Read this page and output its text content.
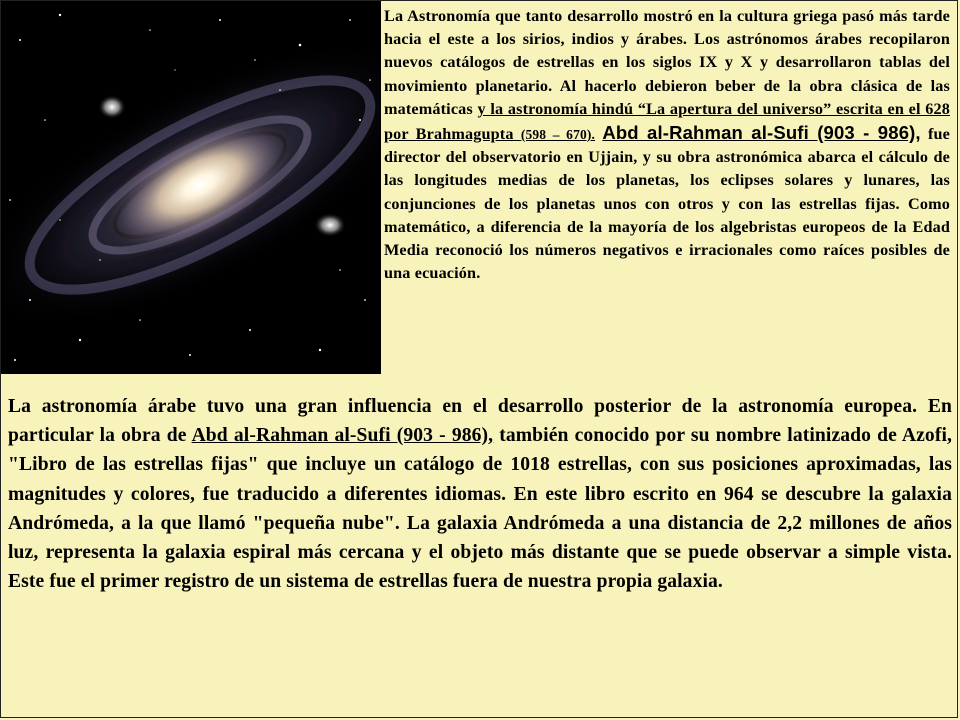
La Astronomía que tanto desarrollo mostró en la cultura griega pasó más tarde hacia el este a los sirios, indios y árabes. Los astrónomos árabes recopilaron nuevos catálogos de estrellas en los siglos IX y X y desarrollaron tablas del movimiento planetario. Al hacerlo debieron beber de la obra clásica de las matemáticas y la astronomía hindú “La apertura del universo” escrita en el 628 por Brahmagupta (598 – 670). Abd al-Rahman al-Sufi (903 - 986), fue director del observatorio en Ujjain, y su obra astronómica abarca el cálculo de las longitudes medias de los planetas, los eclipses solares y lunares, las conjunciones de los planetas unos con otros y con las estrellas fijas. Como matemático, a diferencia de la mayoría de los algebristas europeos de la Edad Media reconoció los números negativos e irracionales como raíces posibles de una ecuación.
La astronomía árabe tuvo una gran influencia en el desarrollo posterior de la astronomía europea. En particular la obra de Abd al-Rahman al-Sufi (903 - 986), también conocido por su nombre latinizado de Azofi, "Libro de las estrellas fijas" que incluye un catálogo de 1018 estrellas, con sus posiciones aproximadas, las magnitudes y colores, fue traducido a diferentes idiomas. En este libro escrito en 964 se descubre la galaxia Andrómeda, a la que llamó "pequeña nube". La galaxia Andrómeda a una distancia de 2,2 millones de años luz, representa la galaxia espiral más cercana y el objeto más distante que se puede observar a simple vista. Este fue el primer registro de un sistema de estrellas fuera de nuestra propia galaxia.
